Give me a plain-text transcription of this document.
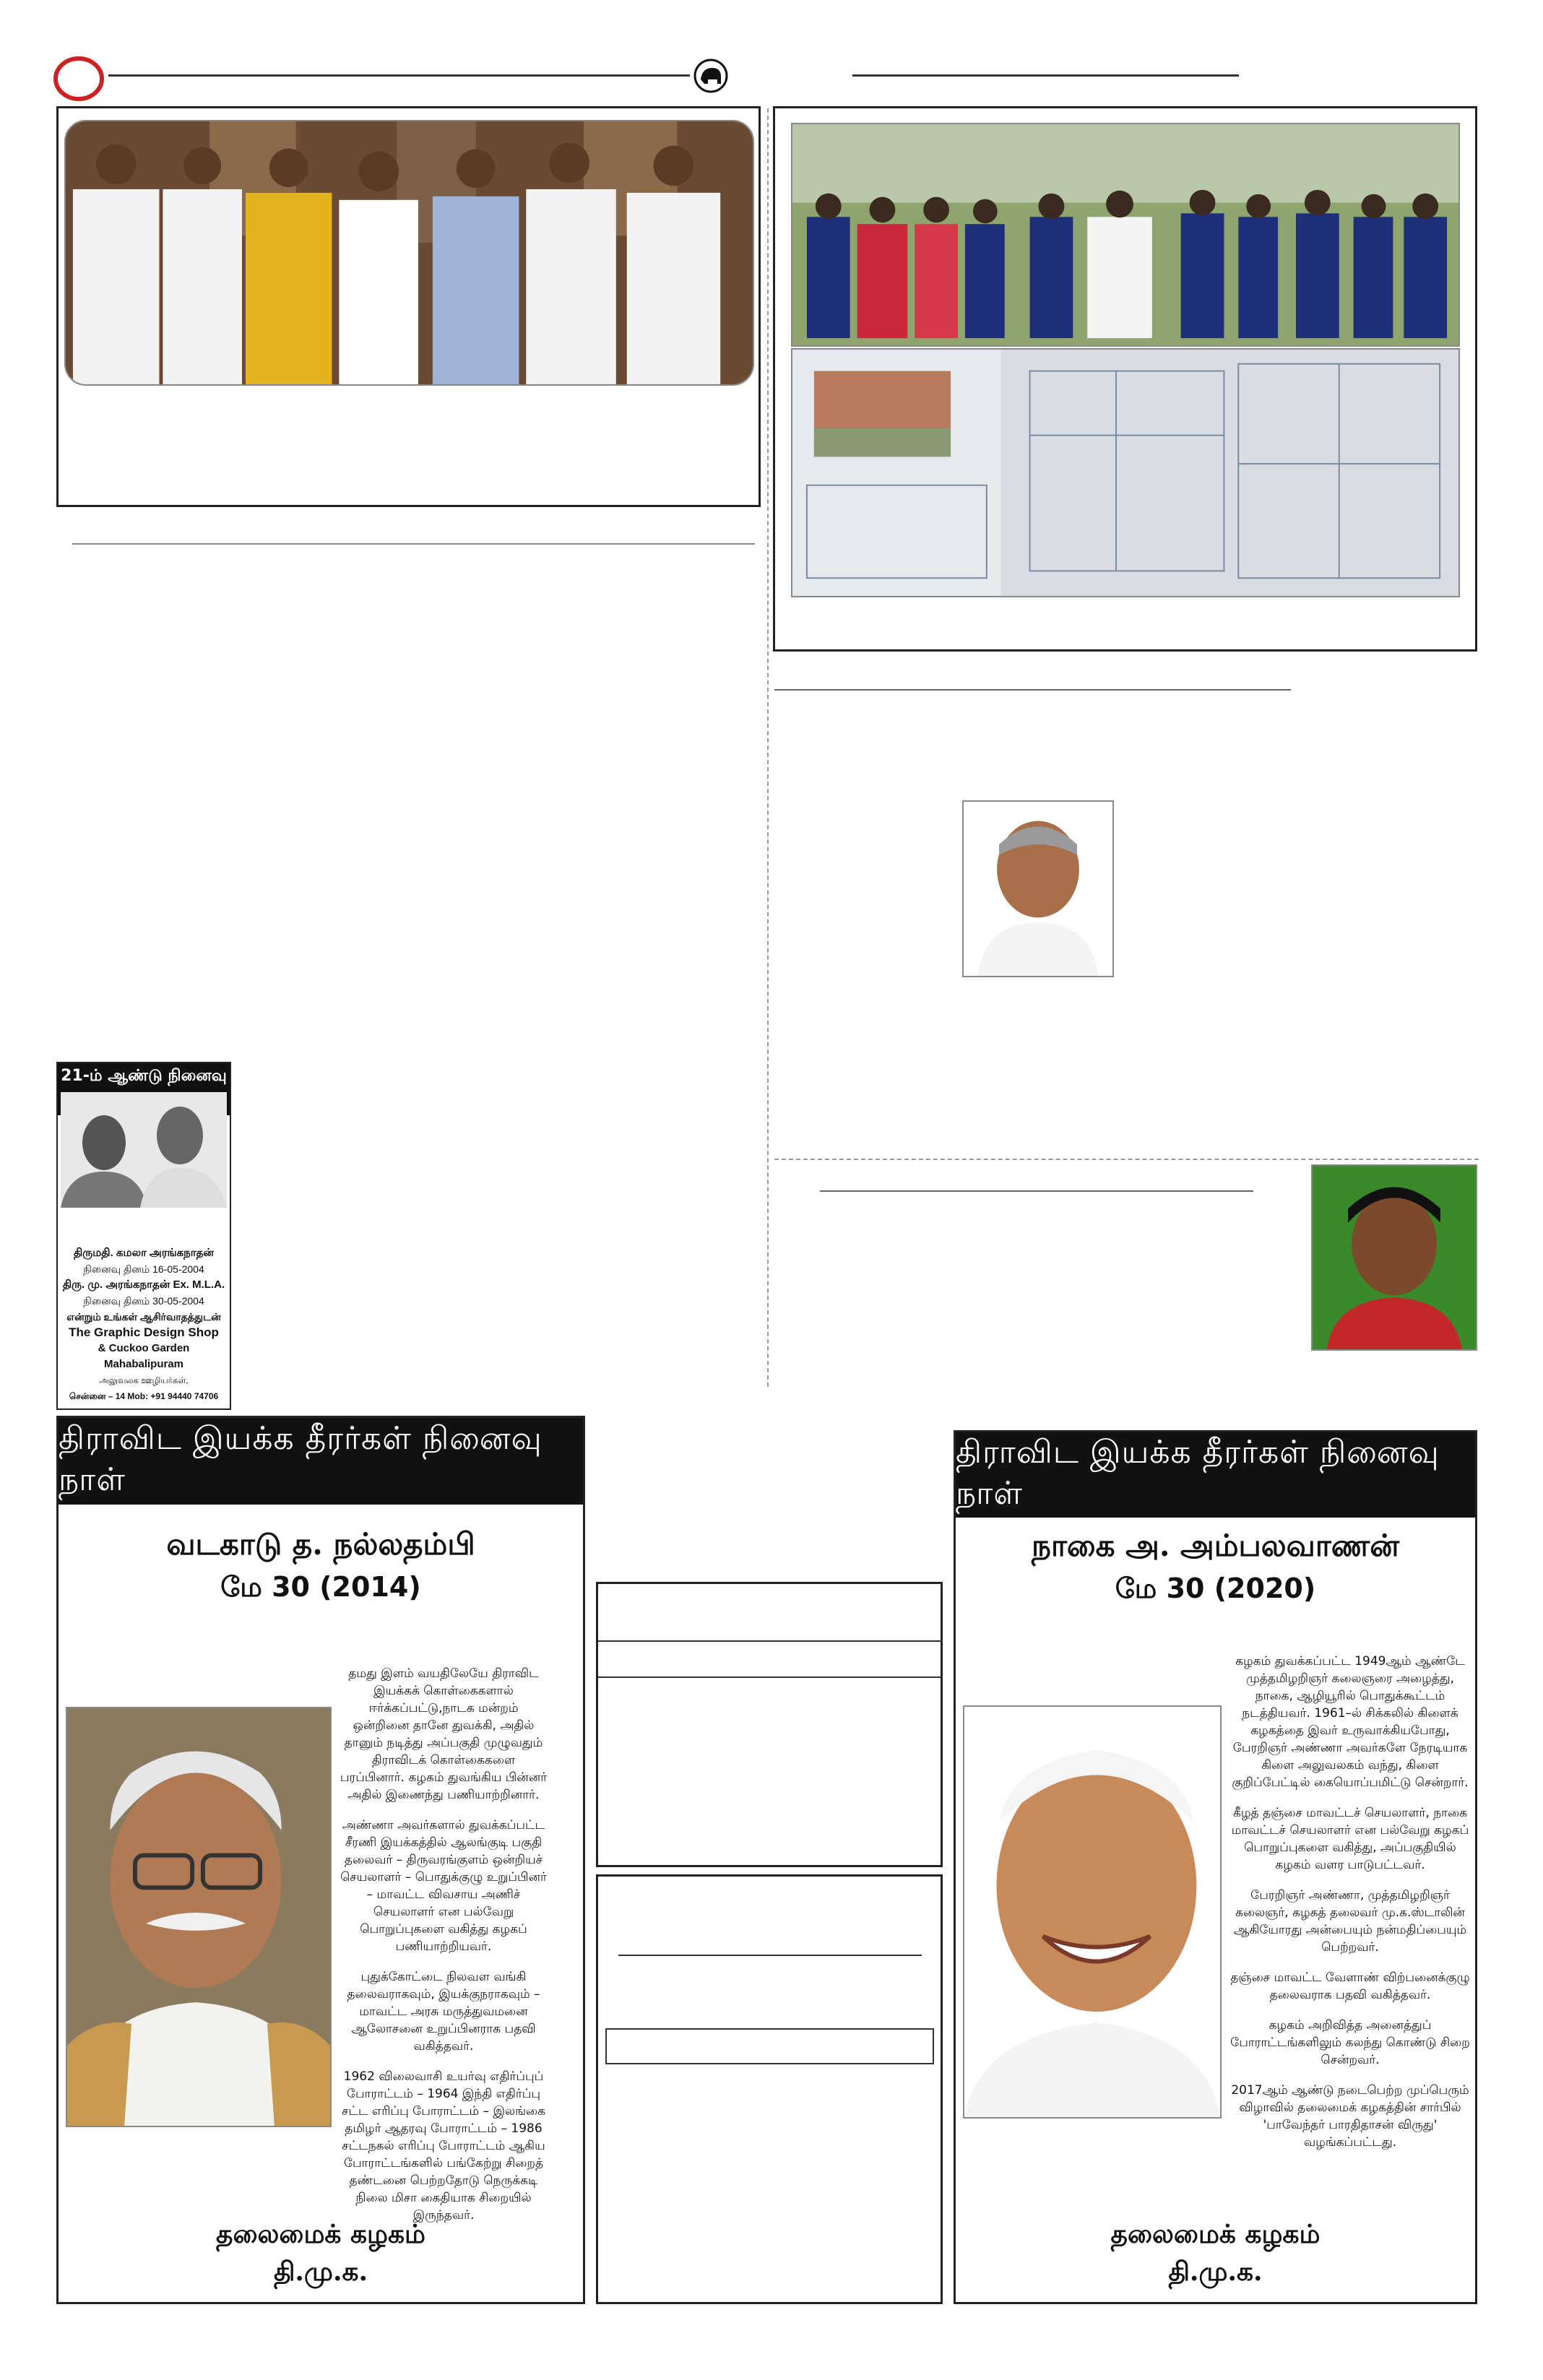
21-ம் ஆண்டு நினைவு
திருமதி. கமலா அரங்கநாதன்
நினைவு தினம் 16-05-2004
திரு. மு. அரங்கநாதன் Ex. M.L.A.
நினைவு தினம் 30-05-2004
என்றும் உங்கள் ஆசிர்வாதத்துடன்
The Graphic Design Shop
& Cuckoo Garden Mahabalipuram
அலுவலக ஊழியர்கள்,
சென்னை – 14 Mob: +91 94440 74706
திராவிட இயக்க தீரர்கள் நினைவு நாள்
வடகாடு த. நல்லதம்பி
மே 30 (2014)

தமது இளம் வயதிலேயே திராவிட இயக்கக் கொள்கைகளால் ஈர்க்கப்பட்டு,நாடக மன்றம் ஒன்றினை தானே துவக்கி, அதில் தானும் நடித்து அப்பகுதி முழுவதும் திராவிடக் கொள்கைகளை பரப்பினார். கழகம் துவங்கிய பின்னர் அதில் இணைந்து பணியாற்றினார்.

அண்ணா அவர்களால் துவக்கப்பட்ட சீரணி இயக்கத்தில் ஆலங்குடி பகுதி தலைவர் – திருவரங்குளம் ஒன்றியச் செயலாளர் – பொதுக்குழு உறுப்பினர் – மாவட்ட விவசாய அணிச் செயலாளர் என பல்வேறு பொறுப்புகளை வகித்து கழகப் பணியாற்றியவர்.

புதுக்கோட்டை நிலவள வங்கி தலைவராகவும், இயக்குநராகவும் – மாவட்ட அரசு மருத்துவமனை ஆலோசனை உறுப்பினராக பதவி வகித்தவர்.

1962 விலைவாசி உயர்வு எதிர்ப்புப் போராட்டம் – 1964 இந்தி எதிர்ப்பு சட்ட எரிப்பு போராட்டம் – இலங்கை தமிழர் ஆதரவு போராட்டம் – 1986 சட்டநகல் எரிப்பு போராட்டம் ஆகிய போராட்டங்களில் பங்கேற்று சிறைத் தண்டனை பெற்றதோடு நெருக்கடி நிலை மிசா கைதியாக சிறையில் இருந்தவர்.

தலைமைக் கழகம்
தி.மு.க.
திராவிட இயக்க தீரர்கள் நினைவு நாள்
நாகை அ. அம்பலவாணன்
மே 30 (2020)

கழகம் துவக்கப்பட்ட 1949ஆம் ஆண்டே முத்தமிழறிஞர் கலைஞரை அழைத்து, நாகை, ஆழியூரில் பொதுக்கூட்டம் நடத்தியவர். 1961–ல் சிக்கலில் கிளைக் கழகத்தை இவர் உருவாக்கியபோது, பேரறிஞர் அண்ணா அவர்களே நேரடியாக கிளை அலுவலகம் வந்து, கிளை குறிப்பேட்டில் கையொப்பமிட்டு சென்றார்.

கீழத் தஞ்சை மாவட்டச் செயலாளர், நாகை மாவட்டச் செயலாளர் என பல்வேறு கழகப் பொறுப்புகளை வகித்து, அப்பகுதியில் கழகம் வளர பாடுபட்டவர்.

பேரறிஞர் அண்ணா, முத்தமிழறிஞர் கலைஞர், கழகத் தலைவர் மு.க.ஸ்டாலின் ஆகியோரது அன்பையும் நன்மதிப்பையும் பெற்றவர்.

தஞ்சை மாவட்ட வேளாண் விற்பனைக்குழு தலைவராக பதவி வகித்தவர்.

கழகம் அறிவித்த அனைத்துப் போராட்டங்களிலும் கலந்து கொண்டு சிறை சென்றவர்.

2017ஆம் ஆண்டு நடைபெற்ற முப்பெரும் விழாவில் தலைமைக் கழகத்தின் சார்பில் 'பாவேந்தர் பாரதிதாசன் விருது' வழங்கப்பட்டது.

தலைமைக் கழகம்
தி.மு.க.
